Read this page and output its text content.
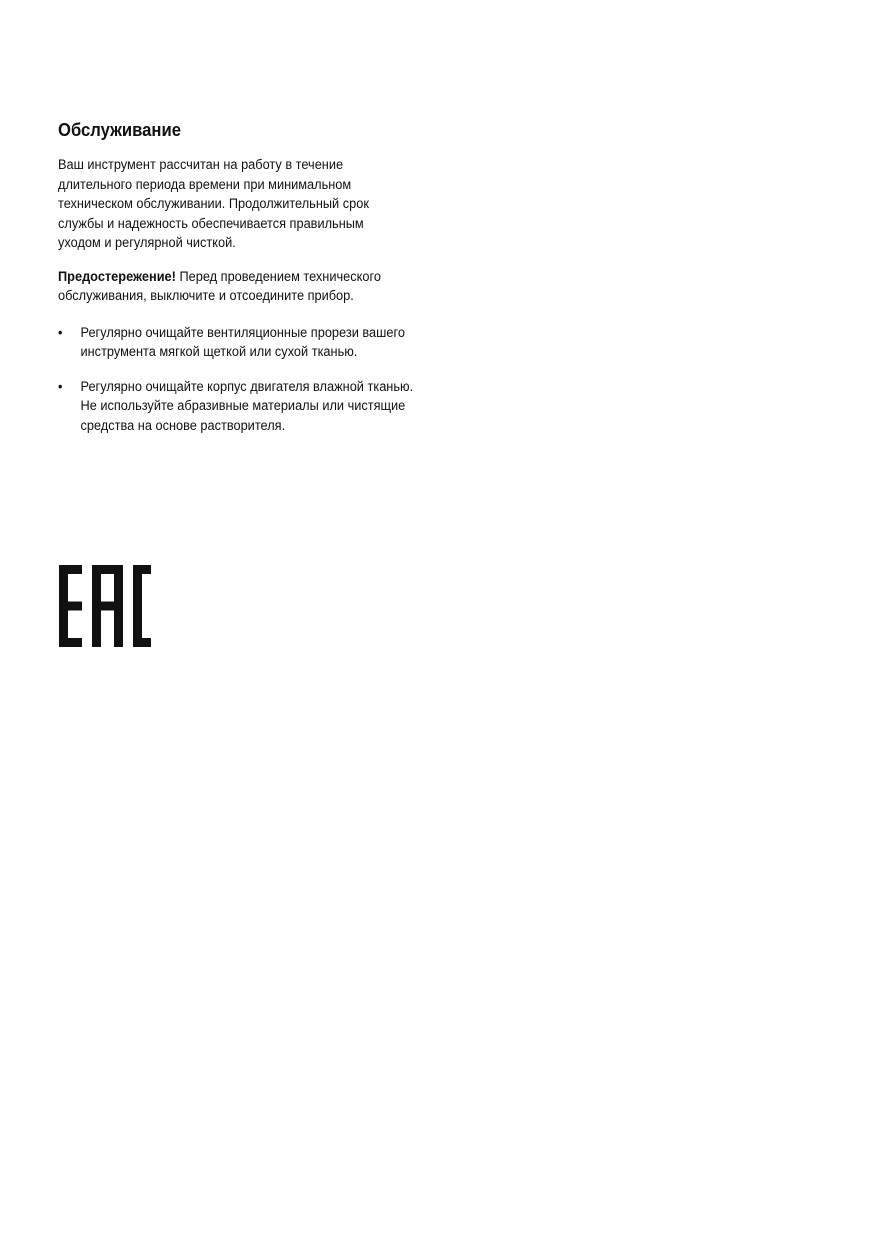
Обслуживание

Ваш инструмент рассчитан на работу в течение длительного периода времени при минимальном техническом обслуживании. Продолжительный срок службы и надежность обеспечивается правильным уходом и регулярной чисткой.

Предостережение! Перед проведением технического обслуживания, выключите и отсоедините прибор.

• Регулярно очищайте вентиляционные прорези вашего инструмента мягкой щеткой или сухой тканью.
• Регулярно очищайте корпус двигателя влажной тканью. Не используйте абразивные материалы или чистящие средства на основе растворителя.
